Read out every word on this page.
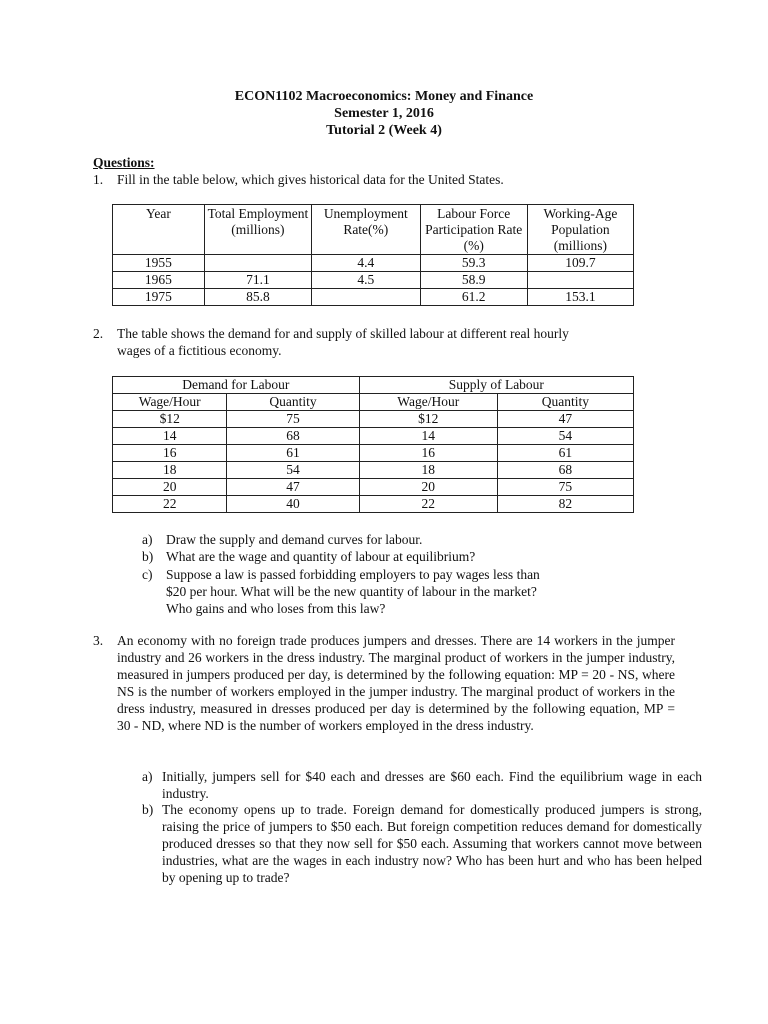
ECON1102 Macroeconomics: Money and Finance
Semester 1, 2016
Tutorial 2 (Week 4)
Questions:
1. Fill in the table below, which gives historical data for the United States.
Year	Total Employment (millions)	Unemployment Rate(%)	Labour Force Participation Rate (%)	Working-Age Population (millions)
1955		4.4	59.3	109.7
1965	71.1	4.5	58.9	
1975	85.8		61.2	153.1
2. The table shows the demand for and supply of skilled labour at different real hourly
wages of a fictitious economy.
Demand for Labour		Supply of Labour	
Wage/Hour	Quantity	Wage/Hour	Quantity
$12	75	$12	47
14	68	14	54
16	61	16	61
18	54	18	68
20	47	20	75
22	40	22	82
a) Draw the supply and demand curves for labour.
b) What are the wage and quantity of labour at equilibrium?
c) Suppose a law is passed forbidding employers to pay wages less than $20 per hour. What will be the new quantity of labour in the market? Who gains and who loses from this law?
3. An economy with no foreign trade produces jumpers and dresses. There are 14 workers in the jumper industry and 26 workers in the dress industry. The marginal product of workers in the jumper industry, measured in jumpers produced per day, is determined by the following equation: MP = 20 - NS, where NS is the number of workers employed in the jumper industry. The marginal product of workers in the dress industry, measured in dresses produced per day is determined by the following equation, MP = 30 - ND, where ND is the number of workers employed in the dress industry.
a) Initially, jumpers sell for $40 each and dresses are $60 each. Find the equilibrium wage in each industry.
b) The economy opens up to trade. Foreign demand for domestically produced jumpers is strong, raising the price of jumpers to $50 each. But foreign competition reduces demand for domestically produced dresses so that they now sell for $50 each. Assuming that workers cannot move between industries, what are the wages in each industry now? Who has been hurt and who has been helped by opening up to trade?
